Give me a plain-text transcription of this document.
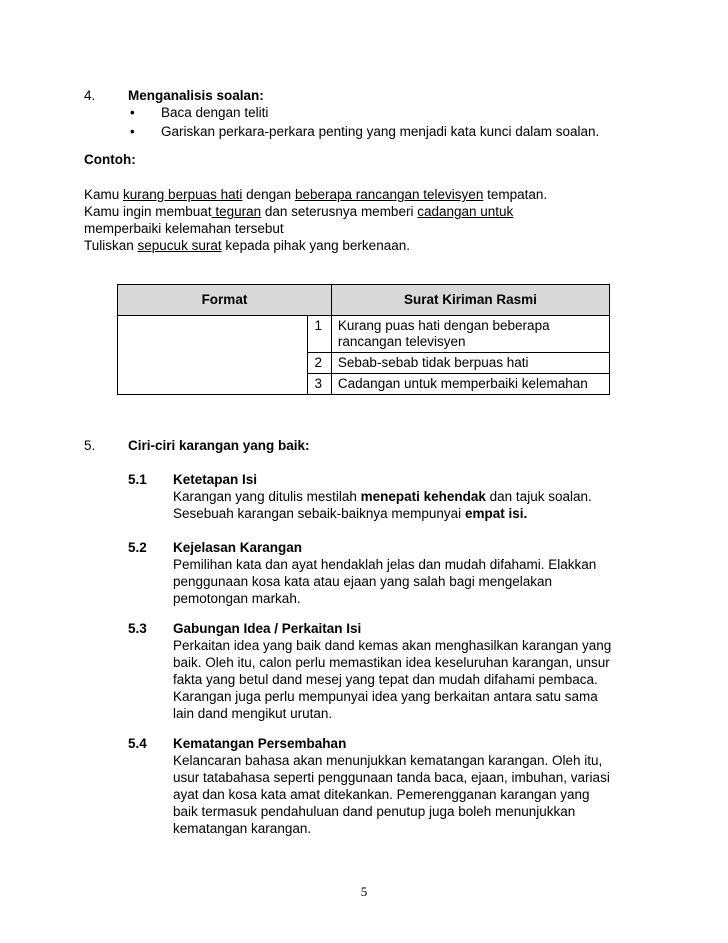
4. Menganalisis soalan:
• Baca dengan teliti
• Gariskan perkara-perkara penting yang menjadi kata kunci dalam soalan.
Contoh:
Kamu kurang berpuas hati dengan beberapa rancangan televisyen tempatan.
Kamu ingin membuat teguran dan seterusnya memberi cadangan untuk
memperbaiki kelemahan tersebut
Tuliskan sepucuk surat kepada pihak yang berkenaan.
Format		Surat Kiriman Rasmi
	1	Kurang puas hati dengan beberapa rancangan televisyen
	2	Sebab-sebab tidak berpuas hati
	3	Cadangan untuk memperbaiki kelemahan
5. Ciri-ciri karangan yang baik:
5.1 Ketetapan Isi
Karangan yang ditulis mestilah menepati kehendak dan tajuk soalan.
Sesebuah karangan sebaik-baiknya mempunyai empat isi.
5.2 Kejelasan Karangan
Pemilihan kata dan ayat hendaklah jelas dan mudah difahami. Elakkan
penggunaan kosa kata atau ejaan yang salah bagi mengelakan
pemotongan markah.
5.3 Gabungan Idea / Perkaitan Isi
Perkaitan idea yang baik dand kemas akan menghasilkan karangan yang
baik. Oleh itu, calon perlu memastikan idea keseluruhan karangan, unsur
fakta yang betul dand mesej yang tepat dan mudah difahami pembaca.
Karangan juga perlu mempunyai idea yang berkaitan antara satu sama
lain dand mengikut urutan.
5.4 Kematangan Persembahan
Kelancaran bahasa akan menunjukkan kematangan karangan. Oleh itu,
usur tatabahasa seperti penggunaan tanda baca, ejaan, imbuhan, variasi
ayat dan kosa kata amat ditekankan. Pemerengganan karangan yang
baik termasuk pendahuluan dand penutup juga boleh menunjukkan
kematangan karangan.
5
